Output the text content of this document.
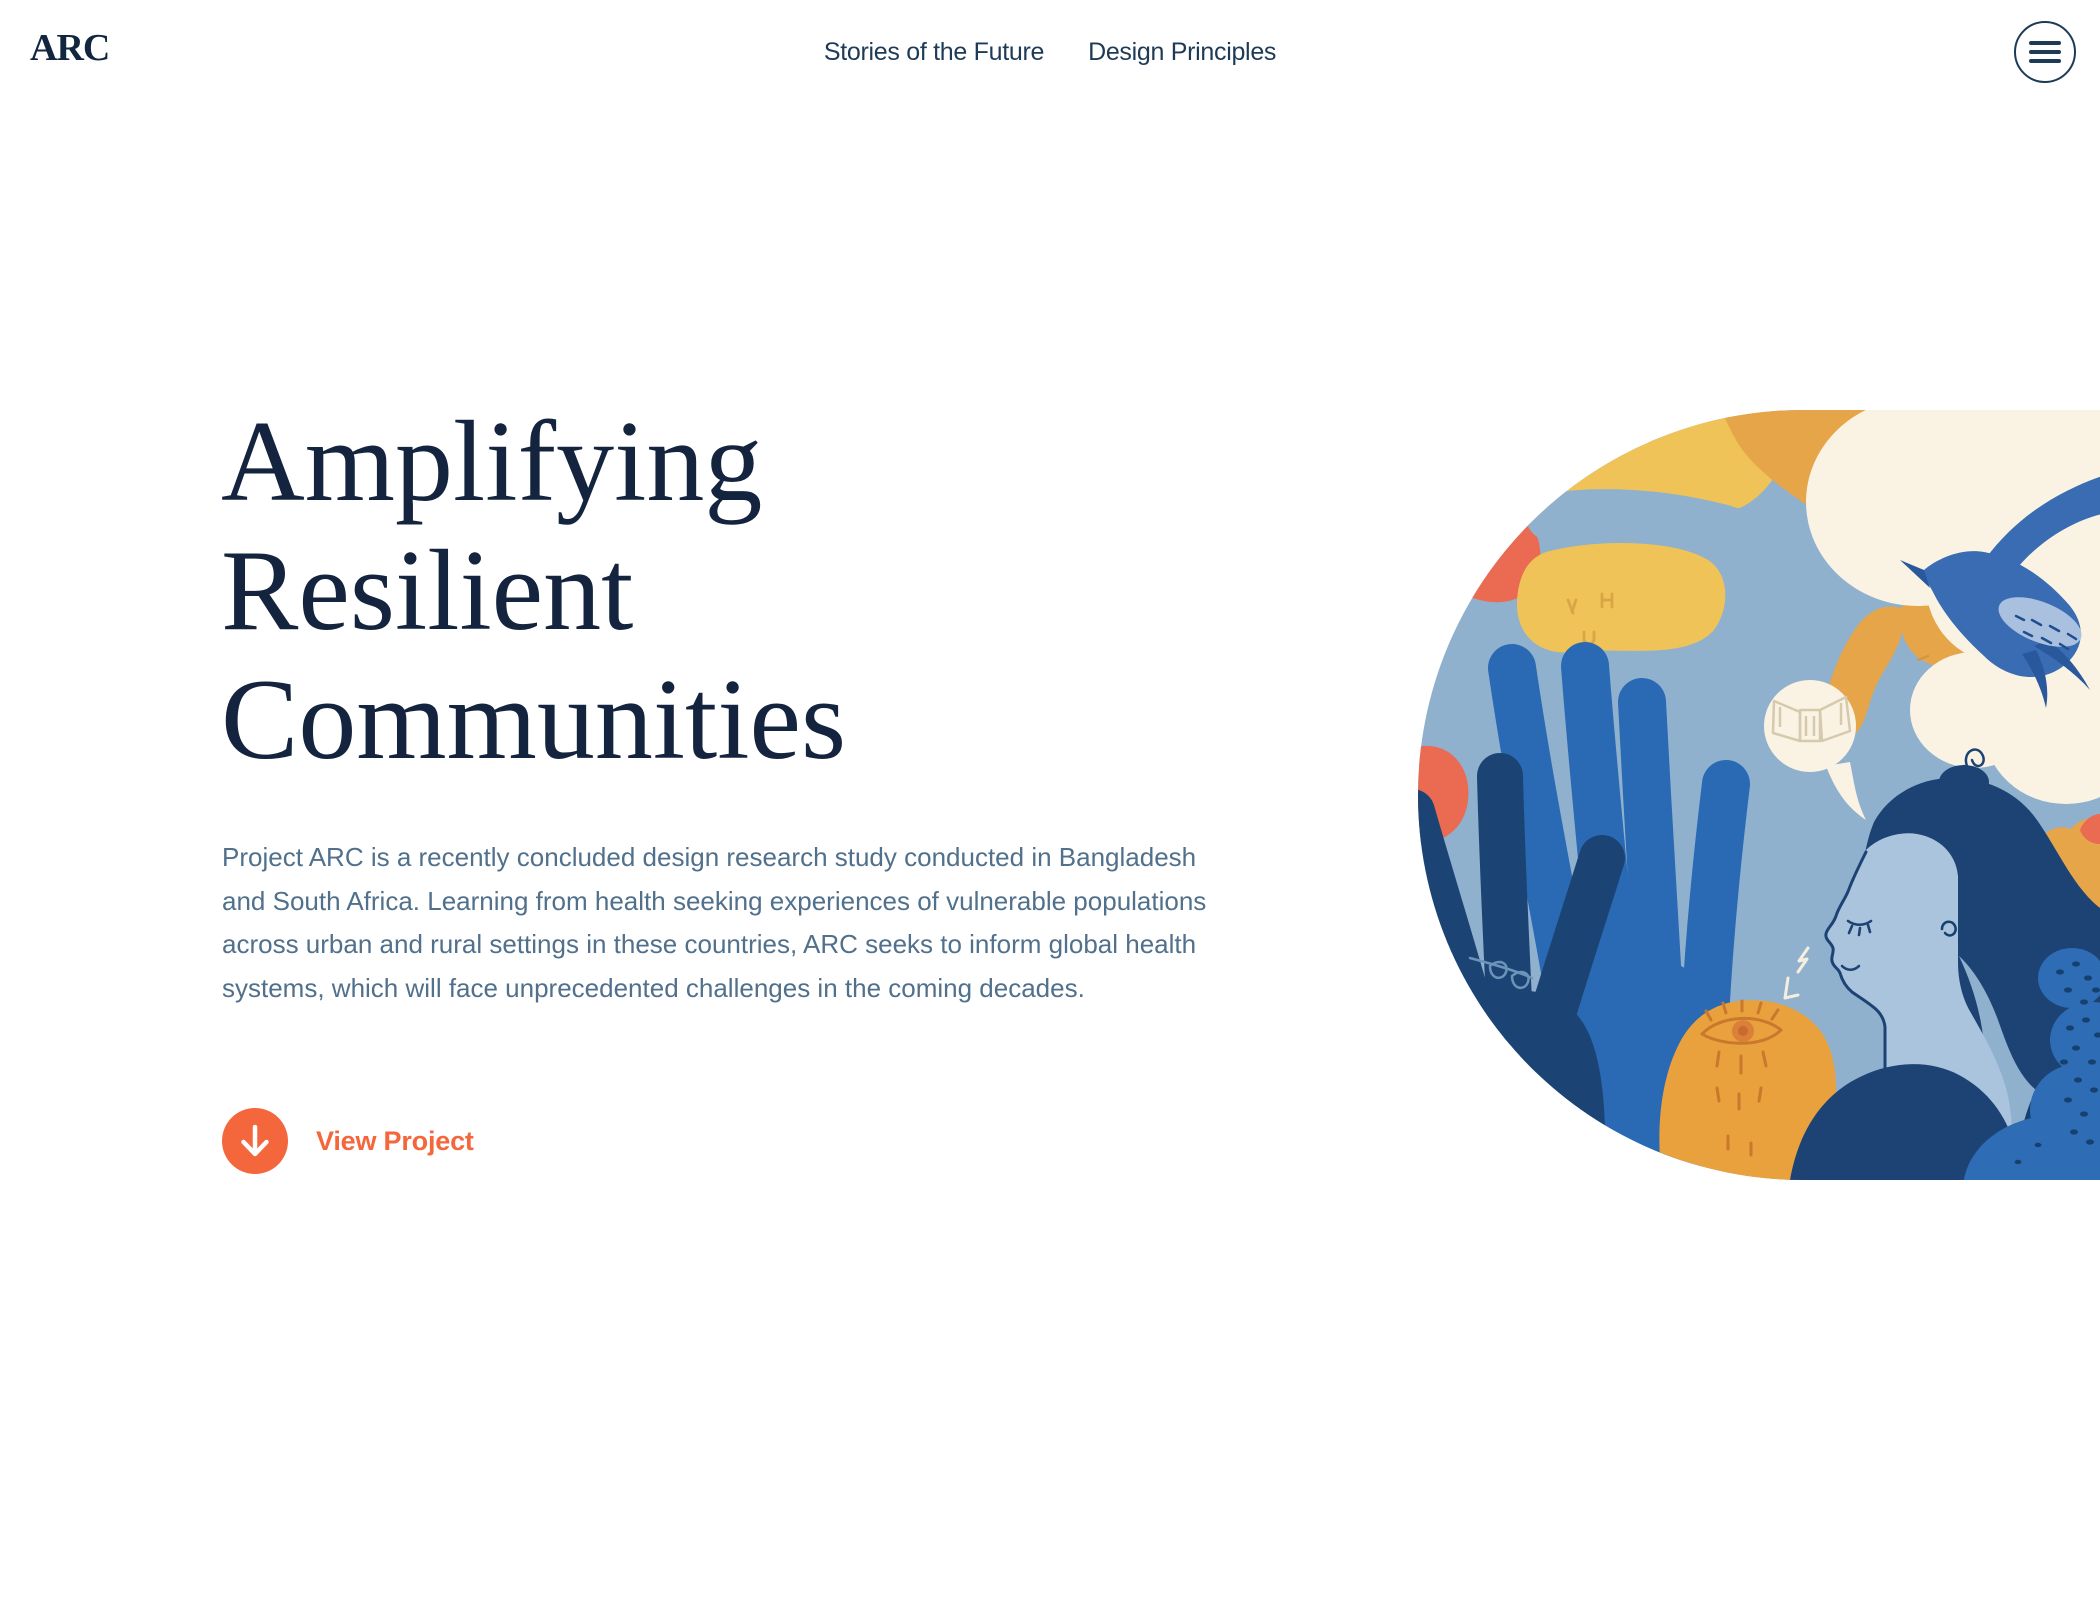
ARC	Stories of the Future Design Principles
Amplifying
Resilient
Communities

Project ARC is a recently concluded design research study conducted in Bangladesh and South Africa. Learning from health seeking experiences of vulnerable populations across urban and rural settings in these countries, ARC seeks to inform global health systems, which will face unprecedented challenges in the coming decades.

View Project
